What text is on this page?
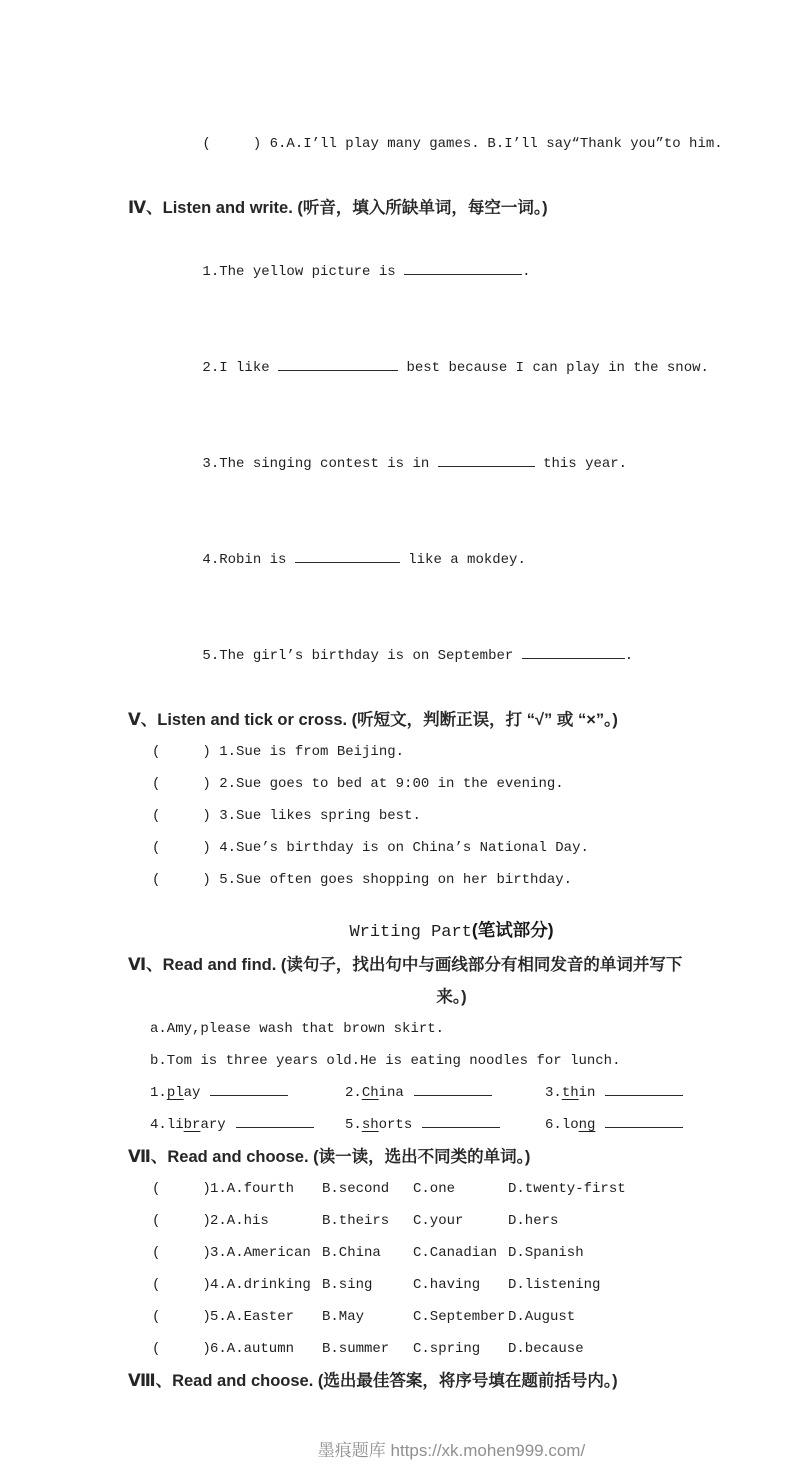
(     ) 6.A.I’ll play many games. B.I’ll say“Thank you”to him.

Ⅳ、Listen and write. (听音，填入所缺单词，每空一词。)

1.The yellow picture is	.

2.I like	best because I can play in the snow.

3.The singing contest is in	this year.

4.Robin is	like a mokdey.

5.The girl’s birthday is on September	.

Ⅴ、Listen and tick or cross. (听短文，判断正误，打 “√” 或 “×”。)
(     ) 1.Sue is from Beijing.
(     ) 2.Sue goes to bed at 9:00 in the evening.
(     ) 3.Sue likes spring best.
(     ) 4.Sue’s birthday is on China’s National Day.
(     ) 5.Sue often goes shopping on her birthday.
Writing Part(笔试部分)
Ⅵ、Read and find. (读句子，找出句中与画线部分有相同发音的单词并写下
来。)
a.Amy,please wash that brown skirt.
b.Tom is three years old.He is eating noodles for lunch.
1.play	2.China	3.thin
4.library	5.shorts	6.long
Ⅶ、Read and choose. (读一读，选出不同类的单词。)
(     ) 1.A.fourth	B.second	C.one	D.twenty-first
(     ) 2.A.his	B.theirs	C.your	D.hers
(     ) 3.A.American B.China	C.Canadian D.Spanish
(     ) 4.A.drinking B.sing	C.having	D.listening
(     ) 5.A.Easter	B.May	C.September D.August
(     ) 6.A.autumn	B.summer	C.spring	D.because
Ⅷ、Read and choose. (选出最佳答案，将序号填在题前括号内。)
墨痕题库 https://xk.mohen999.com/
